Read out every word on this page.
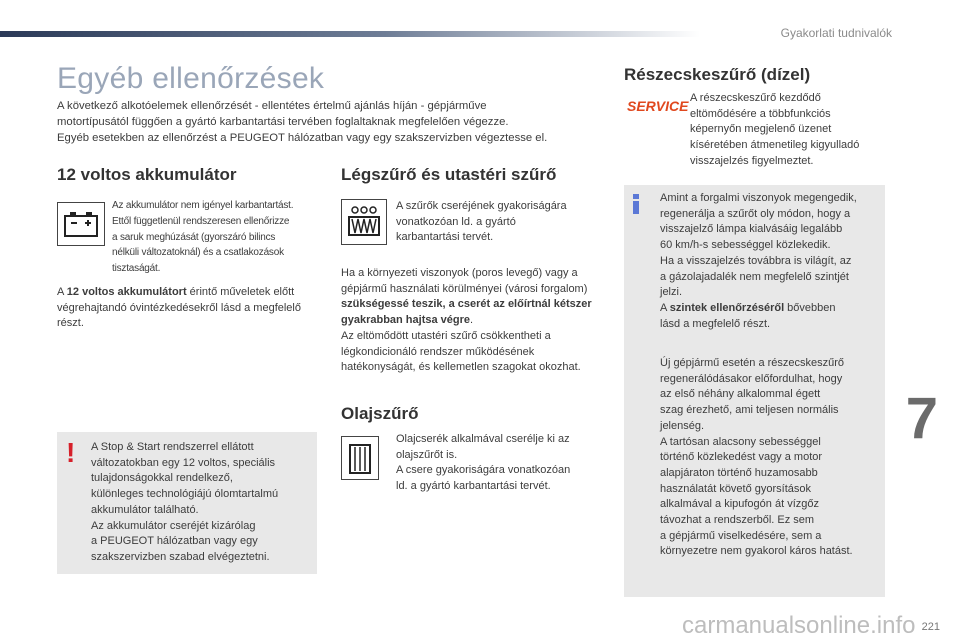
Gyakorlati tudnivalók
Egyéb ellenőrzések
A következő alkotóelemek ellenőrzését - ellentétes értelmű ajánlás híján - gépjárműve
motortípusától függően a gyártó karbantartási tervében foglaltaknak megfelelően végezze.
Egyéb esetekben az ellenőrzést a PEUGEOT hálózatban vagy egy szakszervizben végeztesse el.
12 voltos akkumulátor
Az akkumulátor nem igényel karbantartást.
Ettől függetlenül rendszeresen ellenőrizze
a saruk meghúzását (gyorszáró bilincs
nélküli változatoknál) és a csatlakozások
tisztaságát.
A 12 voltos akkumulátort érintő műveletek előtt végrehajtandó óvintézkedésekről lásd a megfelelő részt.
! A Stop & Start rendszerrel ellátott
változatokban egy 12 voltos, speciális
tulajdonságokkal rendelkező,
különleges technológiájú ólomtartalmú
akkumulátor található.
Az akkumulátor cseréjét kizárólag
a PEUGEOT hálózatban vagy egy
szakszervizben szabad elvégeztetni.
Légszűrő és utastéri szűrő
A szűrők cseréjének gyakoriságára
vonatkozóan ld. a gyártó
karbantartási tervét.
Ha a környezeti viszonyok (poros levegő) vagy a gépjármű használati körülményei (városi forgalom) szükségessé teszik, a cserét az előírtnál kétszer gyakrabban hajtsa végre.
Az eltömődött utastéri szűrő csökkentheti a légkondicionáló rendszer működésének hatékonyságát, és kellemetlen szagokat okozhat.
Olajszűrő
Olajcserék alkalmával cserélje ki az
olajszűrőt is.
A csere gyakoriságára vonatkozóan
ld. a gyártó karbantartási tervét.
Részecskeszűrő (dízel)
SERVICE A részecskeszűrő kezdődő
eltömődésére a többfunkciós
képernyőn megjelenő üzenet
kíséretében átmenetileg kigyulladó
visszajelzés figyelmeztet.
Amint a forgalmi viszonyok megengedik,
regenerálja a szűrőt oly módon, hogy a
visszajelző lámpa kialvásáig legalább
60 km/h-s sebességgel közlekedik.
Ha a visszajelzés továbbra is világít, az
a gázolajadalék nem megfelelő szintjét
jelzi.
A szintek ellenőrzéséről bővebben
lásd a megfelelő részt.
Új gépjármű esetén a részecskeszűrő
regenerálódásakor előfordulhat, hogy
az első néhány alkalommal égett
szag érezhető, ami teljesen normális
jelenség.
A tartósan alacsony sebességgel
történő közlekedést vagy a motor
alapjáraton történő huzamosabb
használatát követő gyorsítások
alkalmával a kipufogón át vízgőz
távozhat a rendszerből. Ez sem
a gépjármű viselkedésére, sem a
környezetre nem gyakorol káros hatást.
7
carmanualsonline.info 221
